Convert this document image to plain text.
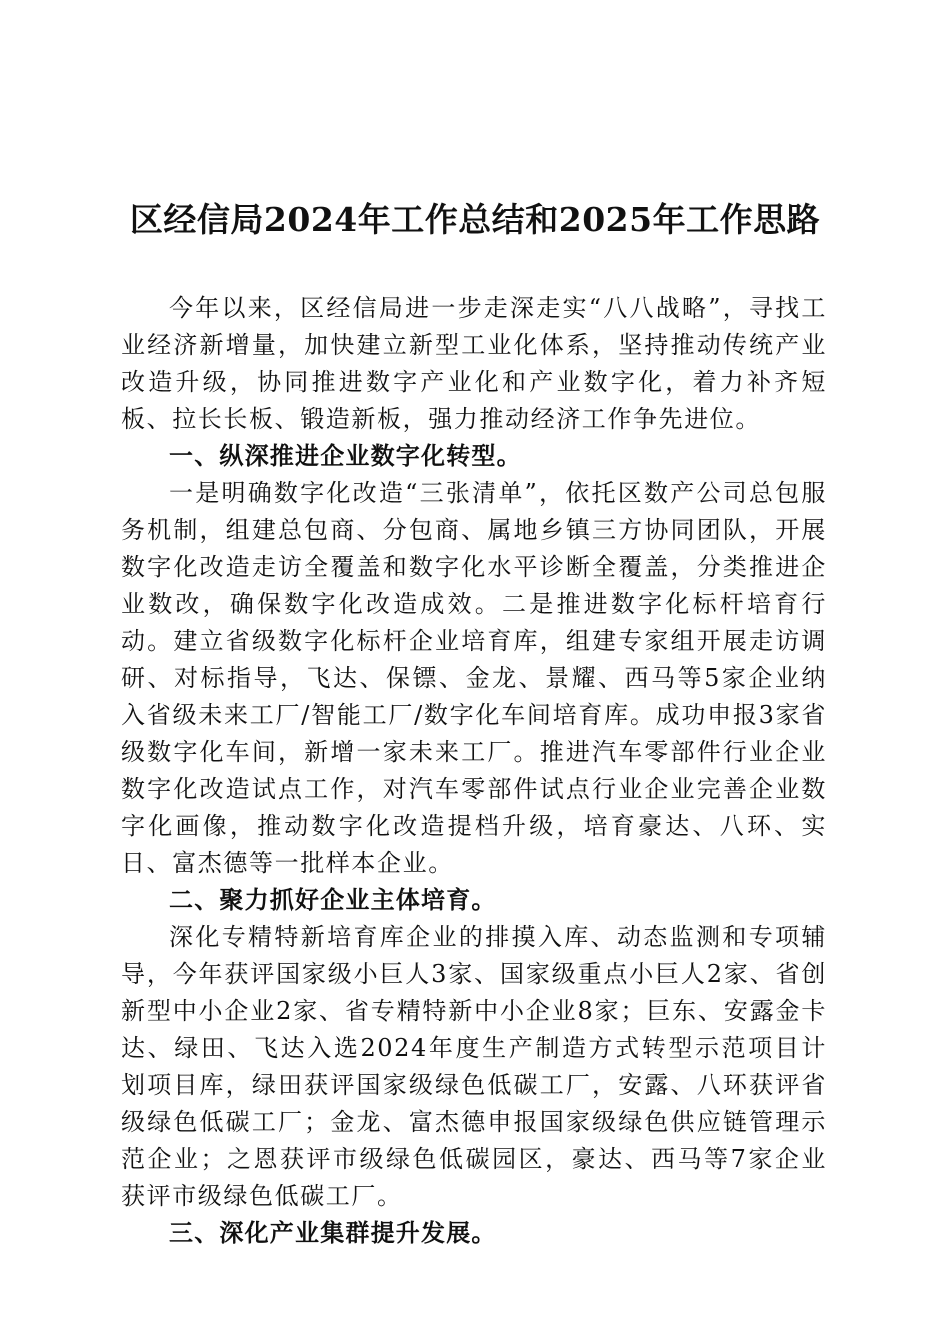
区经信局2024年工作总结和2025年工作思路

今年以来，区经信局进一步走深走实“八八战略”，寻找工业经济新增量，加快建立新型工业化体系，坚持推动传统产业改造升级，协同推进数字产业化和产业数字化，着力补齐短板、拉长长板、锻造新板，强力推动经济工作争先进位。

一、纵深推进企业数字化转型。

一是明确数字化改造“三张清单”，依托区数产公司总包服务机制，组建总包商、分包商、属地乡镇三方协同团队，开展数字化改造走访全覆盖和数字化水平诊断全覆盖，分类推进企业数改，确保数字化改造成效。二是推进数字化标杆培育行动。建立省级数字化标杆企业培育库，组建专家组开展走访调研、对标指导，飞达、保镖、金龙、景耀、西马等5家企业纳入省级未来工厂/智能工厂/数字化车间培育库。成功申报3家省级数字化车间，新增一家未来工厂。推进汽车零部件行业企业数字化改造试点工作，对汽车零部件试点行业企业完善企业数字化画像，推动数字化改造提档升级，培育豪达、八环、实日、富杰德等一批样本企业。

二、聚力抓好企业主体培育。

深化专精特新培育库企业的排摸入库、动态监测和专项辅导，今年获评国家级小巨人3家、国家级重点小巨人2家、省创新型中小企业2家、省专精特新中小企业8家；巨东、安露金卡达、绿田、飞达入选2024年度生产制造方式转型示范项目计划项目库，绿田获评国家级绿色低碳工厂，安露、八环获评省级绿色低碳工厂；金龙、富杰德申报国家级绿色供应链管理示范企业；之恩获评市级绿色低碳园区，豪达、西马等7家企业获评市级绿色低碳工厂。

三、深化产业集群提升发展。
